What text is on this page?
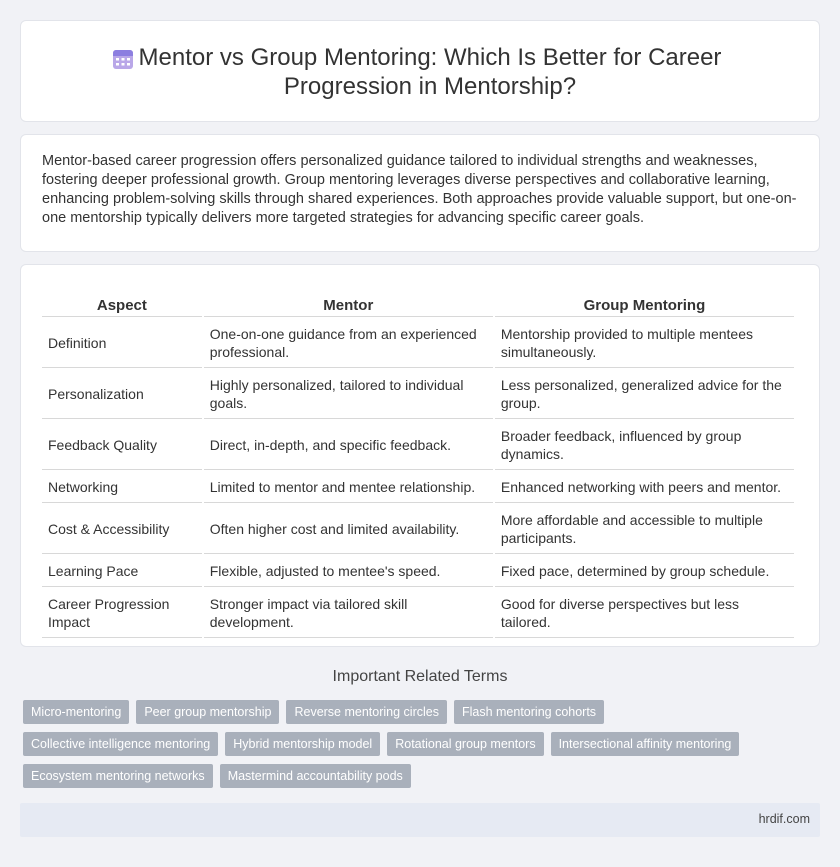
Mentor vs Group Mentoring: Which Is Better for Career Progression in Mentorship?

Mentor-based career progression offers personalized guidance tailored to individual strengths and weaknesses, fostering deeper professional growth. Group mentoring leverages diverse perspectives and collaborative learning, enhancing problem-solving skills through shared experiences. Both approaches provide valuable support, but one-on-one mentorship typically delivers more targeted strategies for advancing specific career goals.

Aspect	Mentor	Group Mentoring
Definition	One-on-one guidance from an experienced professional.	Mentorship provided to multiple mentees simultaneously.
Personalization	Highly personalized, tailored to individual goals.	Less personalized, generalized advice for the group.
Feedback Quality	Direct, in-depth, and specific feedback.	Broader feedback, influenced by group dynamics.
Networking	Limited to mentor and mentee relationship.	Enhanced networking with peers and mentor.
Cost & Accessibility	Often higher cost and limited availability.	More affordable and accessible to multiple participants.
Learning Pace	Flexible, adjusted to mentee's speed.	Fixed pace, determined by group schedule.
Career Progression Impact	Stronger impact via tailored skill development.	Good for diverse perspectives but less tailored.
Important Related Terms
Micro-mentoring	Peer group mentorship	Reverse mentoring circles	Flash mentoring cohorts
Collective intelligence mentoring	Hybrid mentorship model	Rotational group mentors	Intersectional affinity mentoring
Ecosystem mentoring networks	Mastermind accountability pods
hrdif.com
